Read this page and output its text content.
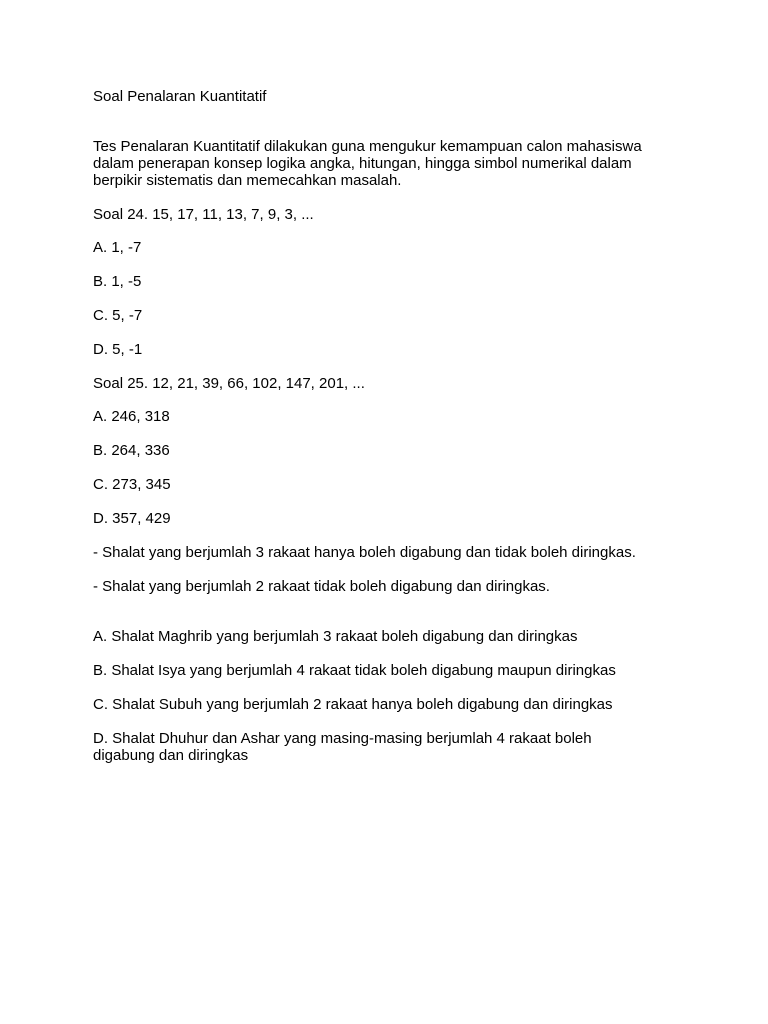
Soal Penalaran Kuantitatif

Tes Penalaran Kuantitatif dilakukan guna mengukur kemampuan calon mahasiswa

dalam penerapan konsep logika angka, hitungan, hingga simbol numerikal dalam

berpikir sistematis dan memecahkan masalah.

Soal 24. 15, 17, 11, 13, 7, 9, 3, ...

A. 1, -7

B. 1, -5

C. 5, -7

D. 5, -1

Soal 25. 12, 21, 39, 66, 102, 147, 201, ...

A. 246, 318

B. 264, 336

C. 273, 345

D. 357, 429

- Shalat yang berjumlah 3 rakaat hanya boleh digabung dan tidak boleh diringkas.

- Shalat yang berjumlah 2 rakaat tidak boleh digabung dan diringkas.

A. Shalat Maghrib yang berjumlah 3 rakaat boleh digabung dan diringkas

B. Shalat Isya yang berjumlah 4 rakaat tidak boleh digabung maupun diringkas

C. Shalat Subuh yang berjumlah 2 rakaat hanya boleh digabung dan diringkas

D. Shalat Dhuhur dan Ashar yang masing-masing berjumlah 4 rakaat boleh

digabung dan diringkas
